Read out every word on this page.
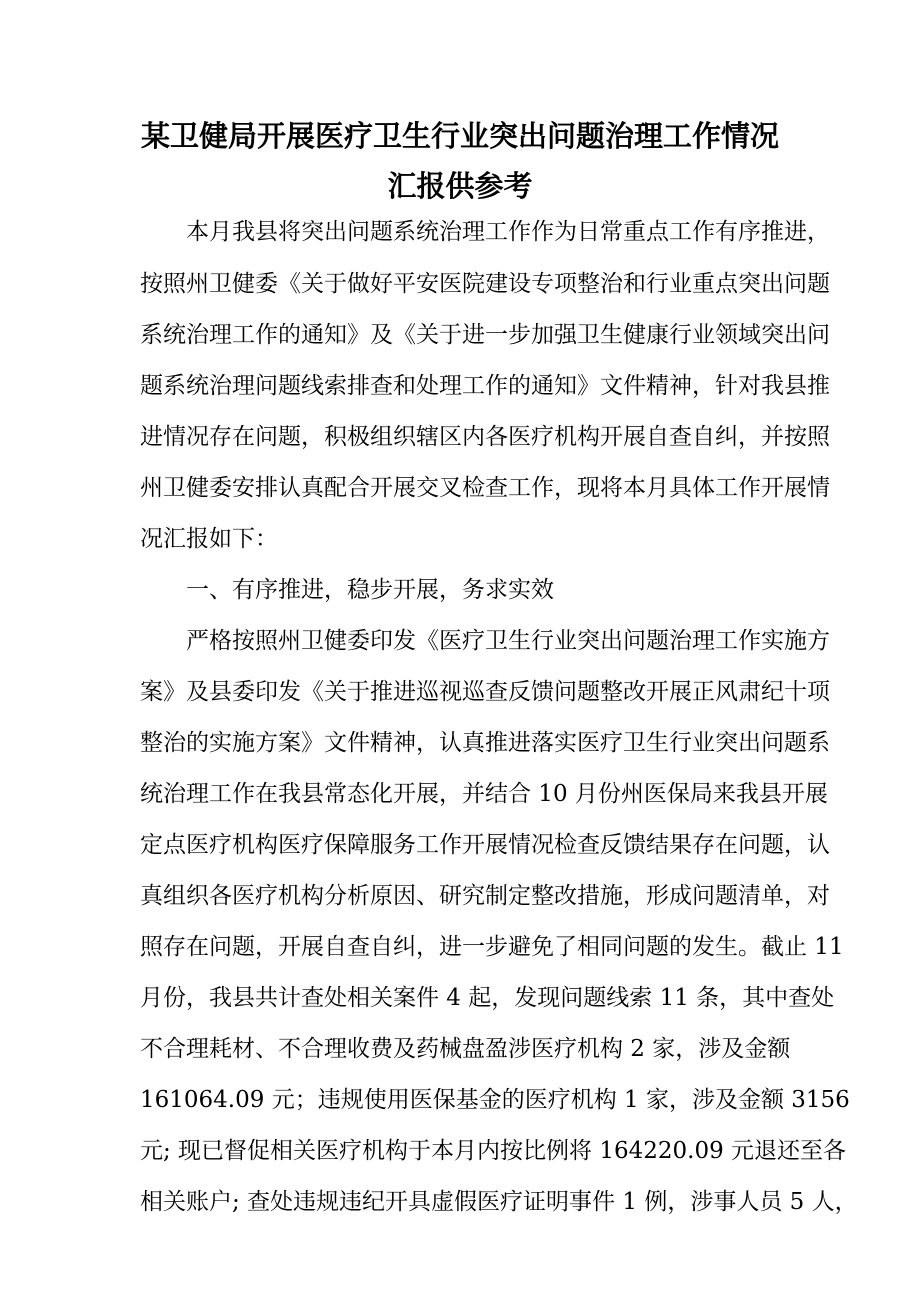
某卫健局开展医疗卫生行业突出问题治理工作情况
汇报供参考

　　本月我县将突出问题系统治理工作作为日常重点工作有序推进，

按照州卫健委《关于做好平安医院建设专项整治和行业重点突出问题

系统治理工作的通知》及《关于进一步加强卫生健康行业领域突出问

题系统治理问题线索排查和处理工作的通知》文件精神，针对我县推

进情况存在问题，积极组织辖区内各医疗机构开展自查自纠，并按照

州卫健委安排认真配合开展交叉检查工作，现将本月具体工作开展情

况汇报如下：

　　一、有序推进，稳步开展，务求实效

　　严格按照州卫健委印发《医疗卫生行业突出问题治理工作实施方

案》及县委印发《关于推进巡视巡查反馈问题整改开展正风肃纪十项

整治的实施方案》文件精神，认真推进落实医疗卫生行业突出问题系

统治理工作在我县常态化开展，并结合 10 月份州医保局来我县开展

定点医疗机构医疗保障服务工作开展情况检查反馈结果存在问题，认

真组织各医疗机构分析原因、研究制定整改措施，形成问题清单，对

照存在问题，开展自查自纠，进一步避免了相同问题的发生。截止 11

月份，我县共计查处相关案件 4 起，发现问题线索 11 条，其中查处

不合理耗材、不合理收费及药械盘盈涉医疗机构 2 家，涉及金额

161064.09 元；违规使用医保基金的医疗机构 1 家，涉及金额 3156

元; 现已督促相关医疗机构于本月内按比例将 164220.09 元退还至各

相关账户; 查处违规违纪开具虚假医疗证明事件 1 例，涉事人员 5 人，
